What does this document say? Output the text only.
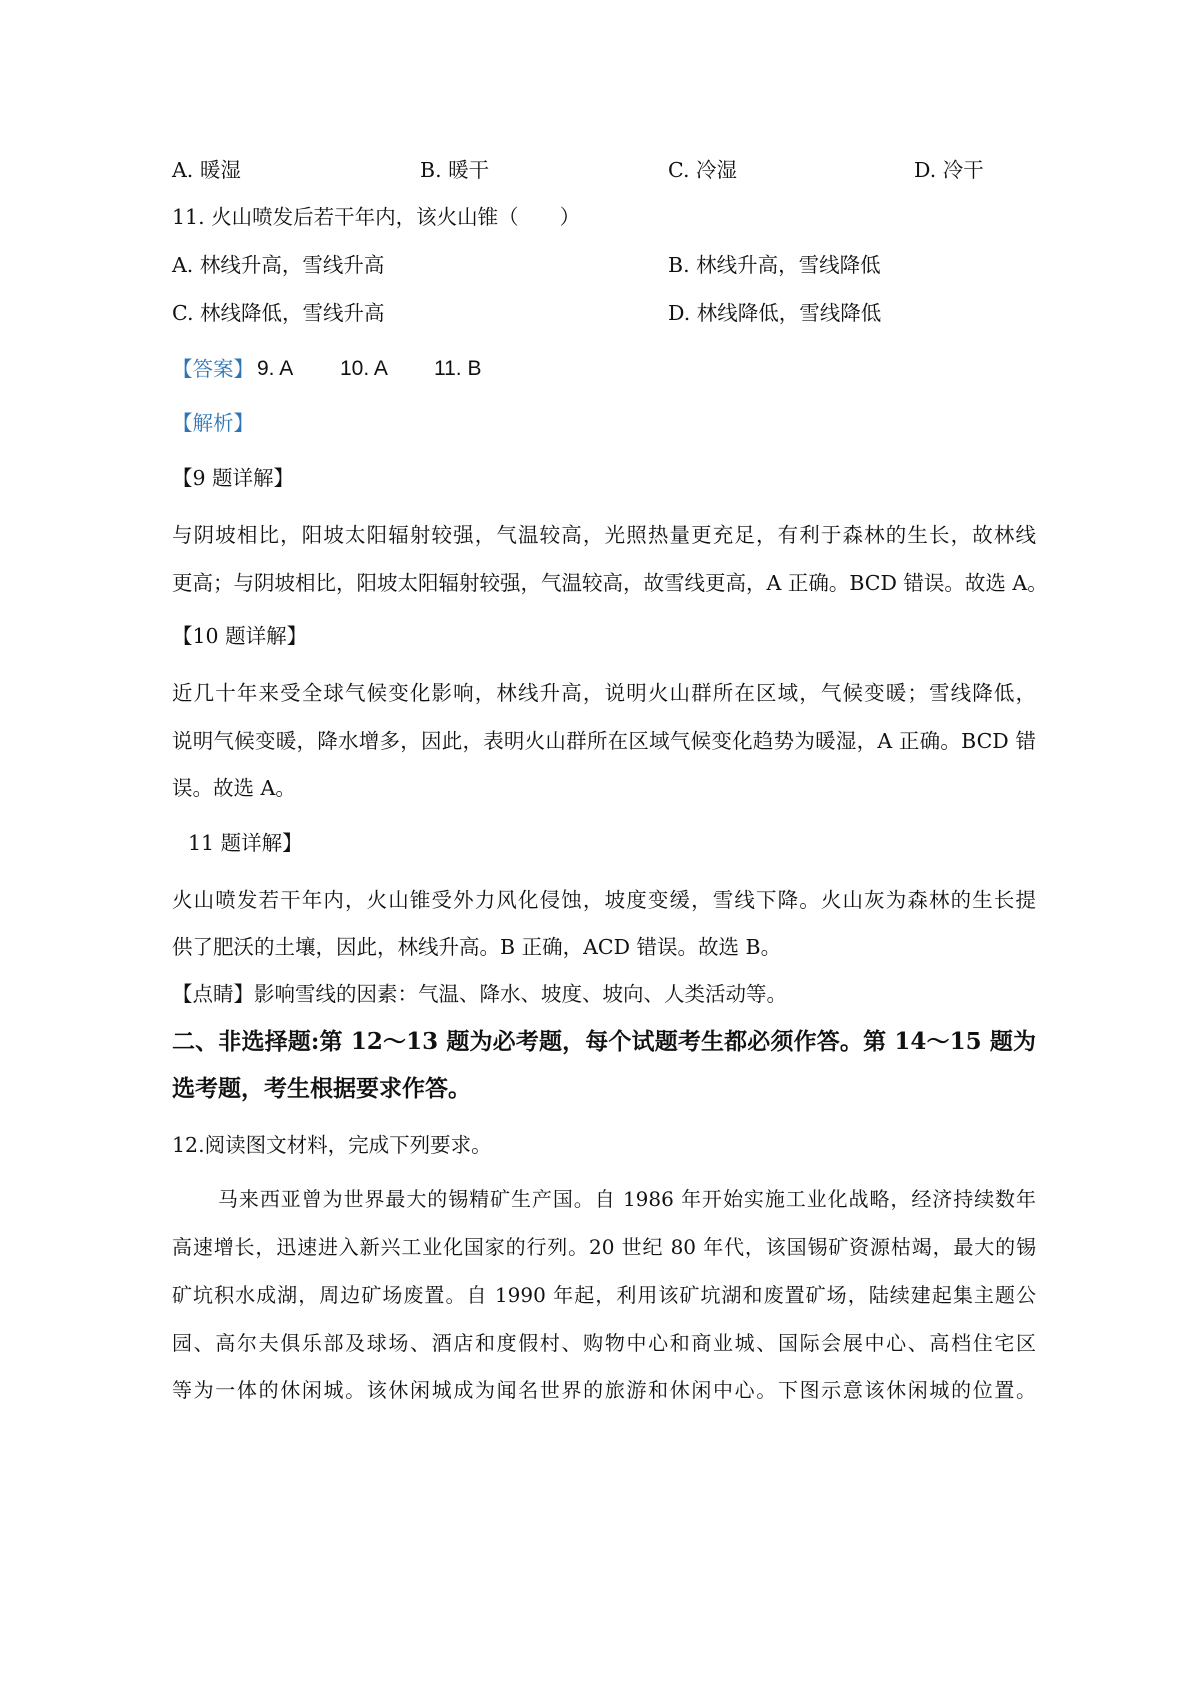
A. 暖湿	B. 暖干	C. 冷湿	D. 冷干
11. 火山喷发后若干年内，该火山锥（　　）
A. 林线升高，雪线升高	B. 林线升高，雪线降低
C. 林线降低，雪线升高	D. 林线降低，雪线降低
【答案】 9. A 10. A 11. B
【解析】
【9 题详解】
与阴坡相比，阳坡太阳辐射较强，气温较高，光照热量更充足，有利于森林的生长，故林线
更高；与阴坡相比，阳坡太阳辐射较强，气温较高，故雪线更高，A 正确。BCD 错误。故选 A。
【10 题详解】
近几十年来受全球气候变化影响，林线升高，说明火山群所在区域，气候变暖；雪线降低，
说明气候变暖，降水增多，因此，表明火山群所在区域气候变化趋势为暖湿，A 正确。BCD 错
误。故选 A。
11 题详解】
火山喷发若干年内，火山锥受外力风化侵蚀，坡度变缓，雪线下降。火山灰为森林的生长提
供了肥沃的土壤，因此，林线升高。B 正确，ACD 错误。故选 B。
【点睛】影响雪线的因素：气温、降水、坡度、坡向、人类活动等。
二、非选择题:第 12～13 题为必考题，每个试题考生都必须作答。第 14～15 题为
选考题，考生根据要求作答。
12.阅读图文材料，完成下列要求。
马来西亚曾为世界最大的锡精矿生产国。自 1986 年开始实施工业化战略，经济持续数年
高速增长，迅速进入新兴工业化国家的行列。20 世纪 80 年代，该国锡矿资源枯竭，最大的锡
矿坑积水成湖，周边矿场废置。自 1990 年起，利用该矿坑湖和废置矿场，陆续建起集主题公
园、高尔夫俱乐部及球场、酒店和度假村、购物中心和商业城、国际会展中心、高档住宅区
等为一体的休闲城。该休闲城成为闻名世界的旅游和休闲中心。下图示意该休闲城的位置。
